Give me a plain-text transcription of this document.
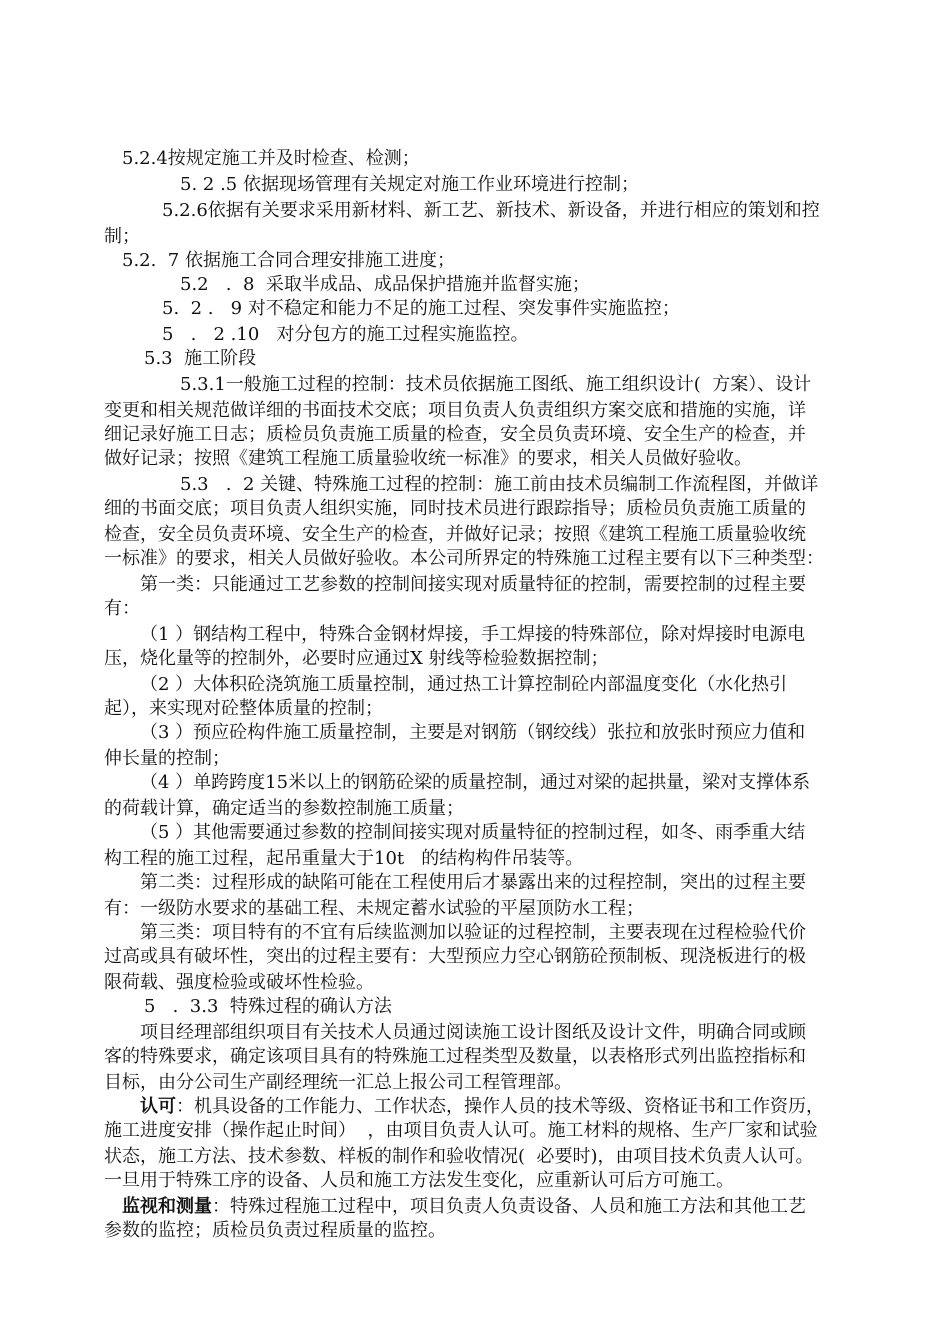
5.2.4按规定施工并及时检查、检测；
5. 2 .5 依据现场管理有关规定对施工作业环境进行控制；
5.2.6依据有关要求采用新材料、新工艺、新技术、新设备，并进行相应的策划和控
制；
5.2.  7 依据施工合同合理安排施工进度；
5.2   .  8  采取半成品、成品保护措施并监督实施；
5.  2 .   9 对不稳定和能力不足的施工过程、突发事件实施监控；
5   .   2 .10   对分包方的施工过程实施监控。
5.3  施工阶段
5.3.1一般施工过程的控制：技术员依据施工图纸、施工组织设计(  方案）、设计
变更和相关规范做详细的书面技术交底；项目负责人负责组织方案交底和措施的实施，详
细记录好施工日志；质检员负责施工质量的检查，安全员负责环境、安全生产的检查，并
做好记录；按照《建筑工程施工质量验收统一标准》的要求，相关人员做好验收。
5.3   .  2 关键、特殊施工过程的控制：施工前由技术员编制工作流程图，并做详
细的书面交底；项目负责人组织实施，同时技术员进行跟踪指导；质检员负责施工质量的
检查，安全员负责环境、安全生产的检查，并做好记录；按照《建筑工程施工质量验收统
一标准》的要求，相关人员做好验收。本公司所界定的特殊施工过程主要有以下三种类型：
第一类：只能通过工艺参数的控制间接实现对质量特征的控制，需要控制的过程主要
有：
（1 ）钢结构工程中，特殊合金钢材焊接，手工焊接的特殊部位，除对焊接时电源电
压，烧化量等的控制外，必要时应通过X 射线等检验数据控制；
（2 ）大体积砼浇筑施工质量控制，通过热工计算控制砼内部温度变化（水化热引
起），来实现对砼整体质量的控制；
（3 ）预应砼构件施工质量控制，主要是对钢筋（钢绞线）张拉和放张时预应力值和
伸长量的控制；
（4 ）单跨跨度15米以上的钢筋砼梁的质量控制，通过对梁的起拱量，梁对支撑体系
的荷载计算，确定适当的参数控制施工质量；
（5 ）其他需要通过参数的控制间接实现对质量特征的控制过程，如冬、雨季重大结
构工程的施工过程，起吊重量大于10t   的结构构件吊装等。
第二类：过程形成的缺陷可能在工程使用后才暴露出来的过程控制，突出的过程主要
有：一级防水要求的基础工程、未规定蓄水试验的平屋顶防水工程；
第三类：项目特有的不宜有后续监测加以验证的过程控制，主要表现在过程检验代价
过高或具有破坏性，突出的过程主要有：大型预应力空心钢筋砼预制板、现浇板进行的极
限荷载、强度检验或破坏性检验。
5   .  3.3  特殊过程的确认方法
项目经理部组织项目有关技术人员通过阅读施工设计图纸及设计文件，明确合同或顾
客的特殊要求，确定该项目具有的特殊施工过程类型及数量，以表格形式列出监控指标和
目标，由分公司生产副经理统一汇总上报公司工程管理部。
认可：机具设备的工作能力、工作状态，操作人员的技术等级、资格证书和工作资历，
施工进度安排（操作起止时间）  ，由项目负责人认可。施工材料的规格、生产厂家和试验
状态，施工方法、技术参数、样板的制作和验收情况(  必要时)，由项目技术负责人认可。
一旦用于特殊工序的设备、人员和施工方法发生变化，应重新认可后方可施工。
监视和测量：特殊过程施工过程中，项目负责人负责设备、人员和施工方法和其他工艺
参数的监控；质检员负责过程质量的监控。
